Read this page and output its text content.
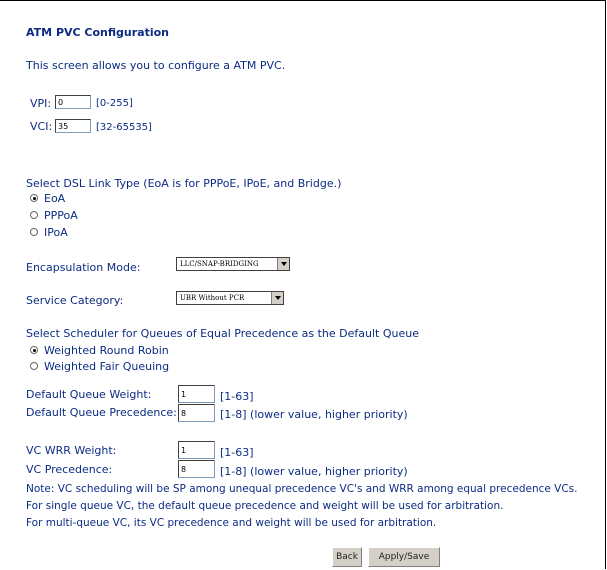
ATM PVC Configuration
This screen allows you to configure a ATM PVC.
VPI:
0	[0-255]
VCI:
35	[32-65535]
Select DSL Link Type (EoA is for PPPoE, IPoE, and Bridge.)
EoA
PPPoA
IPoA
Encapsulation Mode:	LLC/SNAP-BRIDGING
Service Category:	UBR Without PCR
Select Scheduler for Queues of Equal Precedence as the Default Queue
Weighted Round Robin
Weighted Fair Queuing
Default Queue Weight:
1	[1-63]
Default Queue Precedence:
8	[1-8] (lower value, higher priority)
VC WRR Weight:
1	[1-63]
VC Precedence:
8	[1-8] (lower value, higher priority)
Note: VC scheduling will be SP among unequal precedence VC's and WRR among equal precedence VCs.
For single queue VC, the default queue precedence and weight will be used for arbitration.
For multi-queue VC, its VC precedence and weight will be used for arbitration.
Back	Apply/Save
